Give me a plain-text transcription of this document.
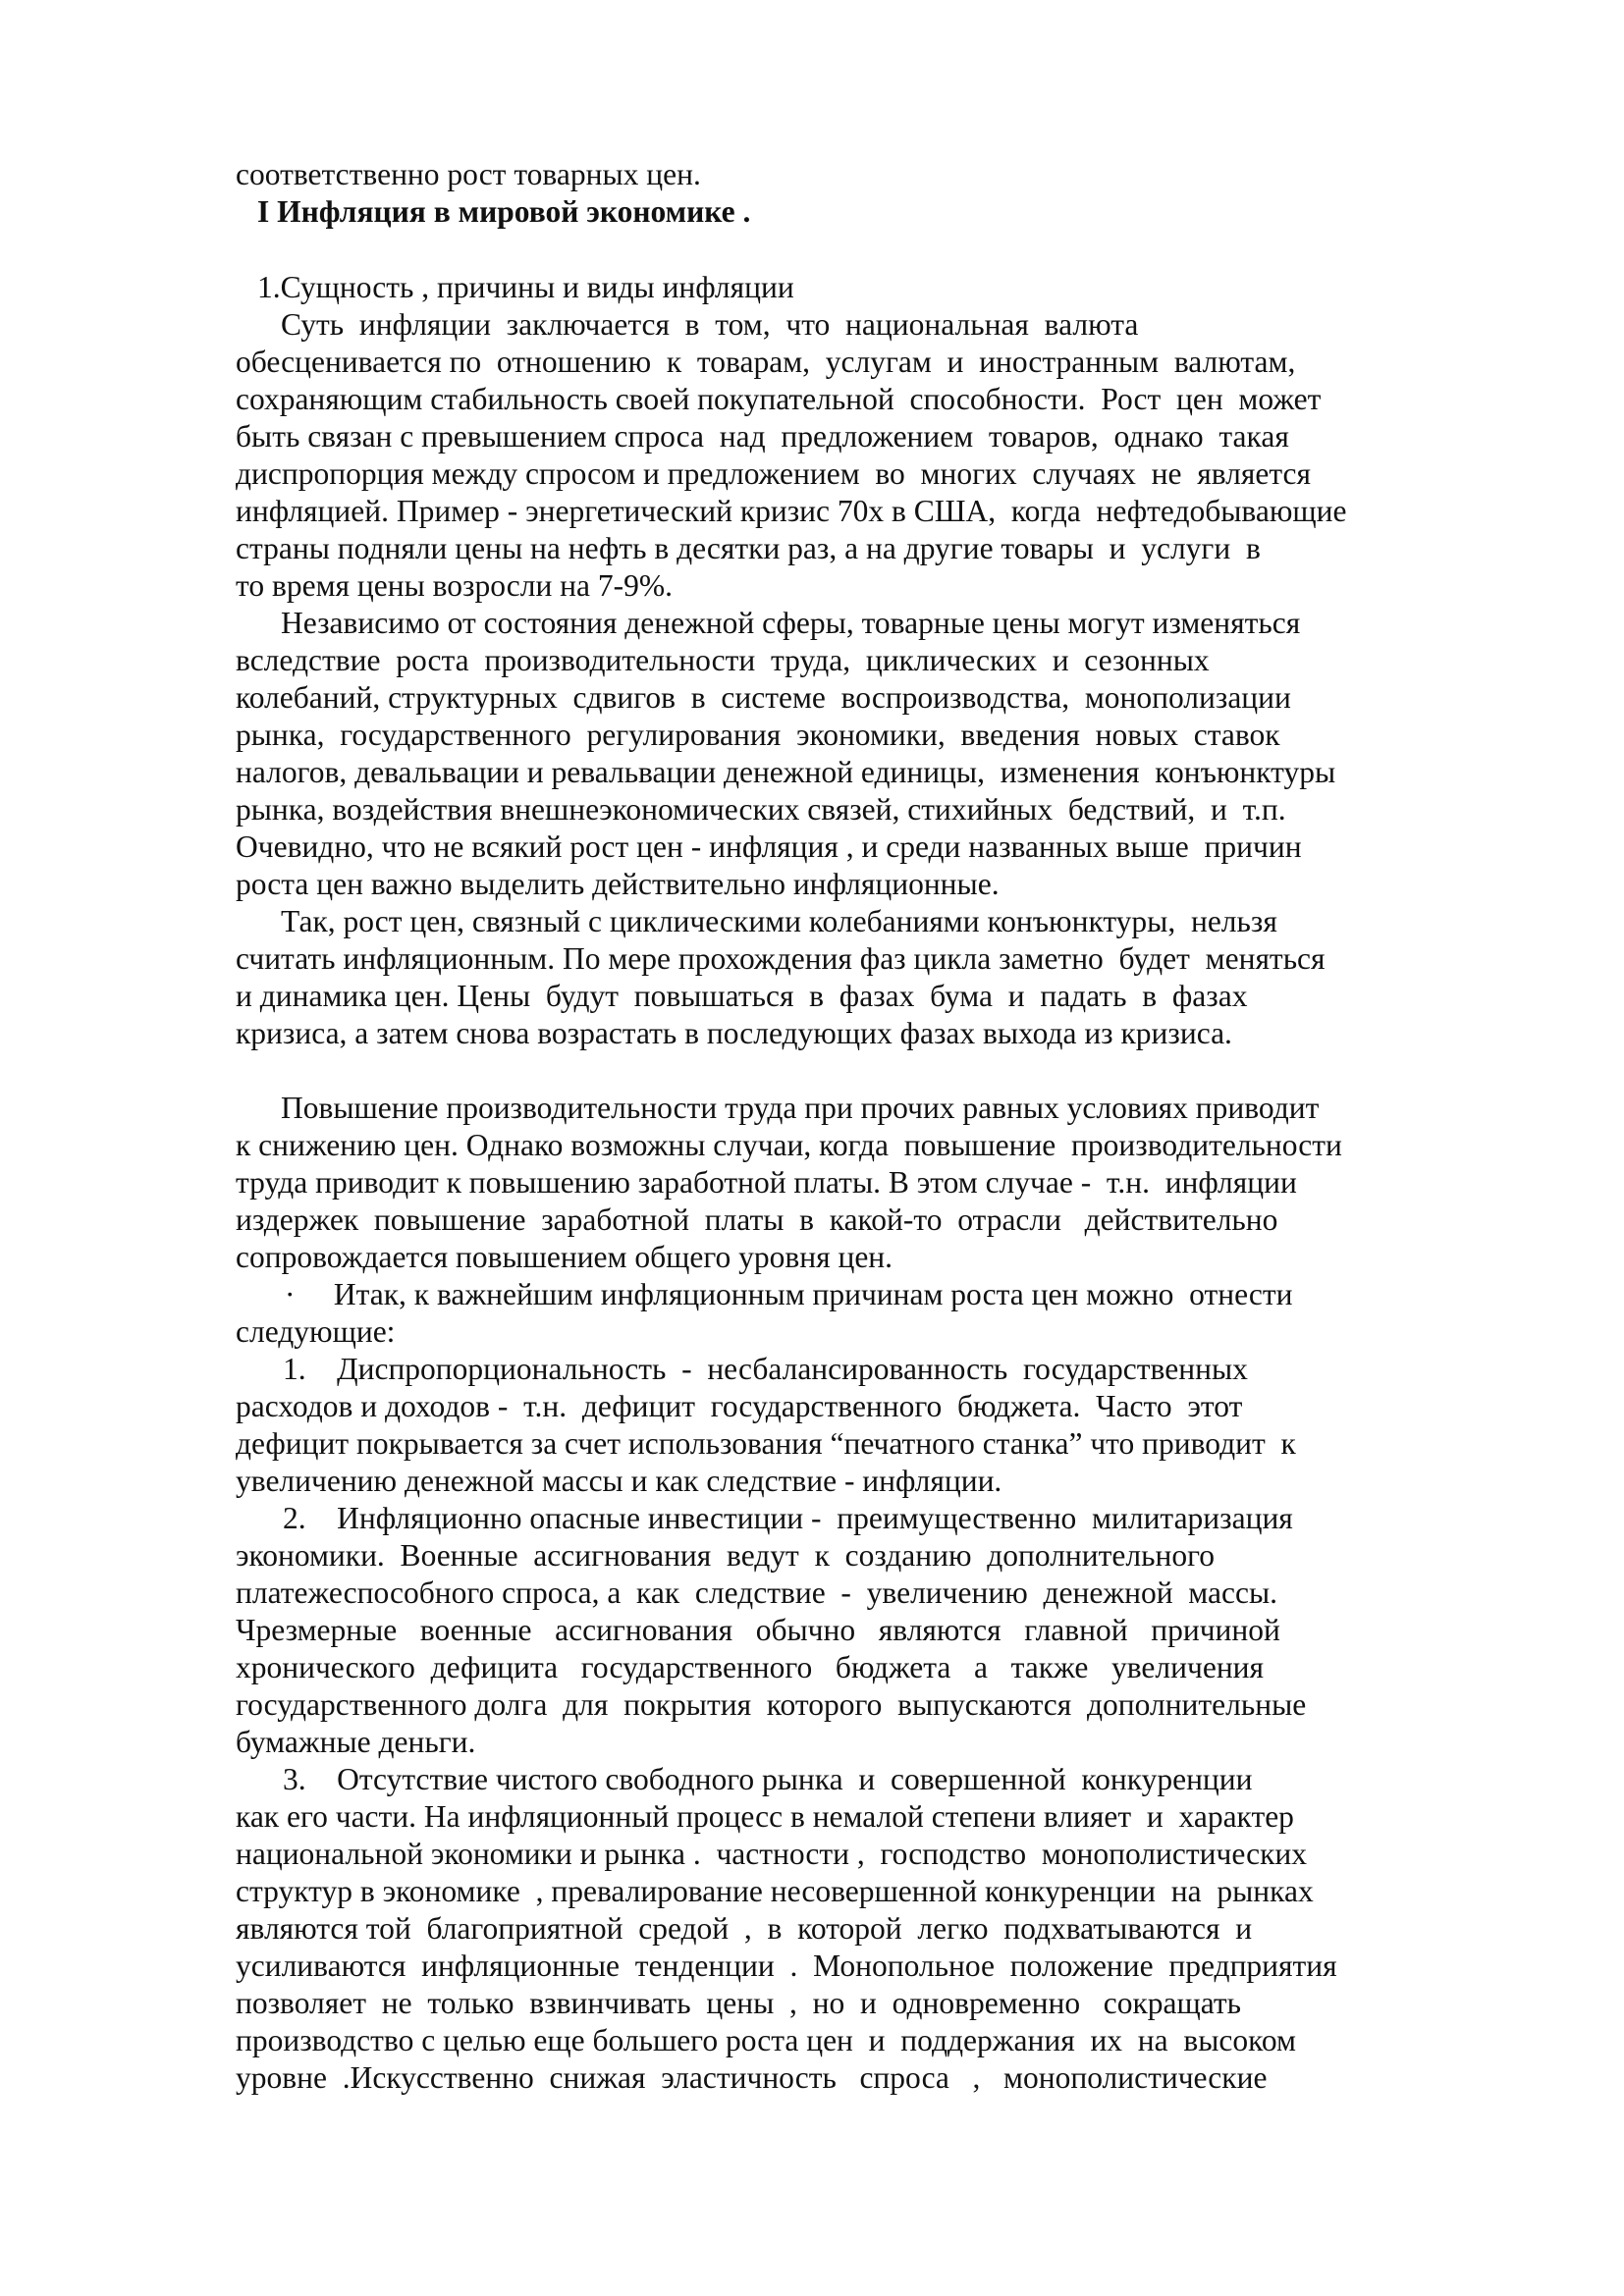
соответственно рост товарных цен.
I Инфляция в мировой экономике .
1.Сущность , причины и виды инфляции
Суть  инфляции  заключается  в  том,  что  национальная  валюта
обесценивается по  отношению  к  товарам,  услугам  и  иностранным  валютам,
сохраняющим стабильность своей покупательной  способности.  Рост  цен  может
быть связан с превышением спроса  над  предложением  товаров,  однако  такая
диспропорция между спросом и предложением  во  многих  случаях  не  является
инфляцией. Пример - энергетический кризис 70х в США,  когда  нефтедобывающие
страны подняли цены на нефть в десятки раз, а на другие товары  и  услуги  в
то время цены возросли на 7-9%.
Независимо от состояния денежной сферы, товарные цены могут изменяться
вследствие  роста  производительности  труда,  циклических  и  сезонных
колебаний, структурных  сдвигов  в  системе  воспроизводства,  монополизации
рынка,  государственного  регулирования  экономики,  введения  новых  ставок
налогов, девальвации и ревальвации денежной единицы,  изменения  конъюнктуры
рынка, воздействия внешнеэкономических связей, стихийных  бедствий,  и  т.п.
Очевидно, что не всякий рост цен - инфляция , и среди названных выше  причин
роста цен важно выделить действительно инфляционные.
Так, рост цен, связный с циклическими колебаниями конъюнктуры,  нельзя
считать инфляционным. По мере прохождения фаз цикла заметно  будет  меняться
и динамика цен. Цены  будут  повышаться  в  фазах  бума  и  падать  в  фазах
кризиса, а затем снова возрастать в последующих фазах выхода из кризиса.
Повышение производительности труда при прочих равных условиях приводит
к снижению цен. Однако возможны случаи, когда  повышение  производительности
труда приводит к повышению заработной платы. В этом случае -  т.н.  инфляции
издержек  повышение  заработной  платы  в  какой-то  отрасли   действительно
сопровождается повышением общего уровня цен.
·     Итак, к важнейшим инфляционным причинам роста цен можно  отнести
следующие:
1.    Диспропорциональность  -  несбалансированность  государственных
расходов и доходов -  т.н.  дефицит  государственного  бюджета.  Часто  этот
дефицит покрывается за счет использования “печатного станка” что приводит  к
увеличению денежной массы и как следствие - инфляции.
2.    Инфляционно опасные инвестиции -  преимущественно  милитаризация
экономики.  Военные  ассигнования  ведут  к  созданию  дополнительного
платежеспособного спроса, а  как  следствие  -  увеличению  денежной  массы.
Чрезмерные   военные   ассигнования   обычно   являются   главной   причиной
хронического  дефицита   государственного   бюджета   а   также   увеличения
государственного долга  для  покрытия  которого  выпускаются  дополнительные
бумажные деньги.
3.    Отсутствие чистого свободного рынка  и  совершенной  конкуренции
как его части. На инфляционный процесс в немалой степени влияет  и  характер
национальной экономики и рынка .  частности ,  господство  монополистических
структур в экономике  , превалирование несовершенной конкуренции  на  рынках
являются той  благоприятной  средой  ,  в  которой  легко  подхватываются  и
усиливаются  инфляционные  тенденции  .  Монопольное  положение  предприятия
позволяет  не  только  взвинчивать  цены  ,  но  и  одновременно   сокращать
производство с целью еще большего роста цен  и  поддержания  их  на  высоком
уровне  .Искусственно  снижая  эластичность   спроса   ,   монополистические
